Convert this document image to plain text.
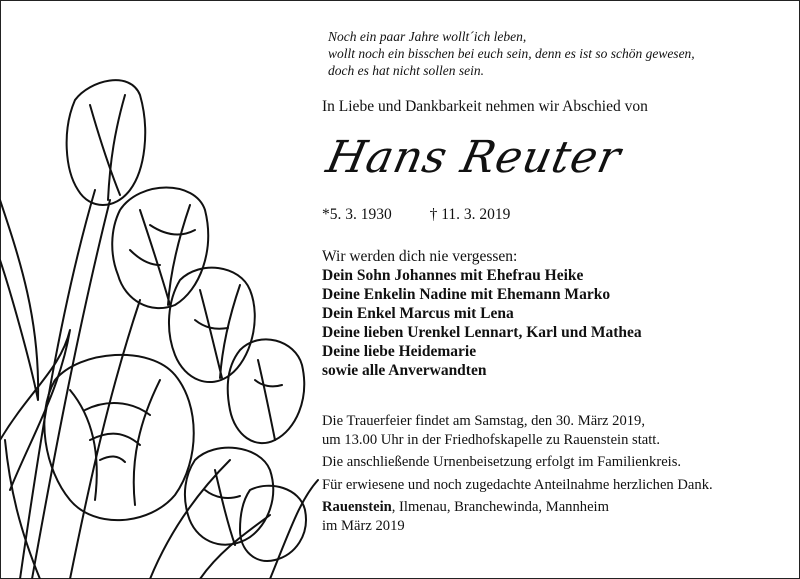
Noch ein paar Jahre wollt´ich leben,
wollt noch ein bisschen bei euch sein, denn es ist so schön gewesen,
doch es hat nicht sollen sein.
In Liebe und Dankbarkeit nehmen wir Abschied von
Hans Reuter
*5. 3. 1930 † 11. 3. 2019
Wir werden dich nie vergessen:
Dein Sohn Johannes mit Ehefrau Heike
Deine Enkelin Nadine mit Ehemann Marko
Dein Enkel Marcus mit Lena
Deine lieben Urenkel Lennart, Karl und Mathea
Deine liebe Heidemarie
sowie alle Anverwandten

Die Trauerfeier findet am Samstag, den 30. März 2019,

um 13.00 Uhr in der Friedhofskapelle zu Rauenstein statt.

Die anschließende Urnenbeisetzung erfolgt im Familienkreis.

Für erwiesene und noch zugedachte Anteilnahme herzlichen Dank.

Rauenstein, Ilmenau, Branchewinda, Mannheim

im März 2019
